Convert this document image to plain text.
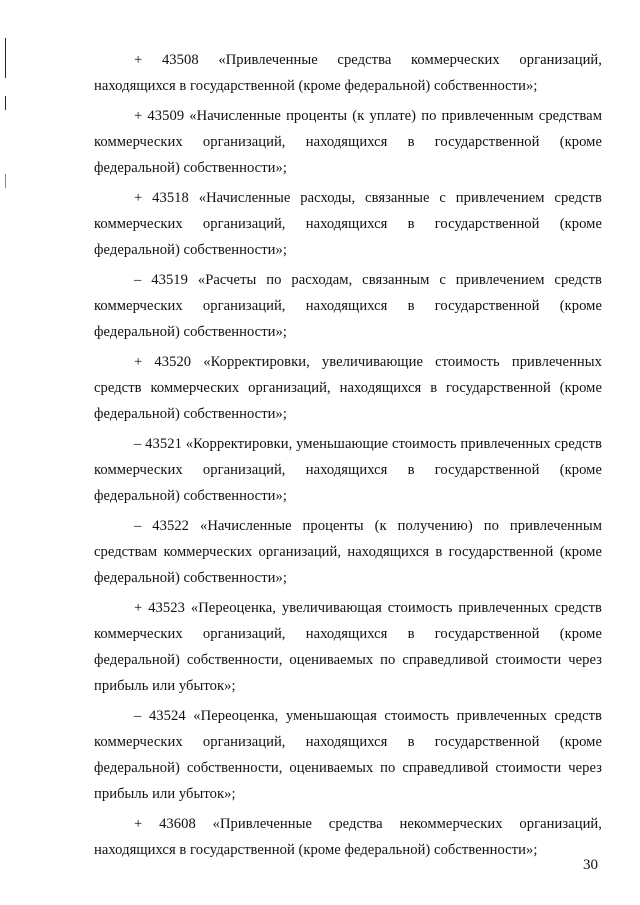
+ 43508 «Привлеченные средства коммерческих организаций, находящихся в государственной (кроме федеральной) собственности»;

+ 43509 «Начисленные проценты (к уплате) по привлеченным средствам коммерческих организаций, находящихся в государственной (кроме федеральной) собственности»;

+ 43518 «Начисленные расходы, связанные с привлечением средств коммерческих организаций, находящихся в государственной (кроме федеральной) собственности»;

– 43519 «Расчеты по расходам, связанным с привлечением средств коммерческих организаций, находящихся в государственной (кроме федеральной) собственности»;

+ 43520 «Корректировки, увеличивающие стоимость привлеченных средств коммерческих организаций, находящихся в государственной (кроме федеральной) собственности»;

– 43521 «Корректировки, уменьшающие стоимость привлеченных средств коммерческих организаций, находящихся в государственной (кроме федеральной) собственности»;

– 43522 «Начисленные проценты (к получению) по привлеченным средствам коммерческих организаций, находящихся в государственной (кроме федеральной) собственности»;

+ 43523 «Переоценка, увеличивающая стоимость привлеченных средств коммерческих организаций, находящихся в государственной (кроме федеральной) собственности, оцениваемых по справедливой стоимости через прибыль или убыток»;

– 43524 «Переоценка, уменьшающая стоимость привлеченных средств коммерческих организаций, находящихся в государственной (кроме федеральной) собственности, оцениваемых по справедливой стоимости через прибыль или убыток»;

+ 43608 «Привлеченные средства некоммерческих организаций, находящихся в государственной (кроме федеральной) собственности»;

30
